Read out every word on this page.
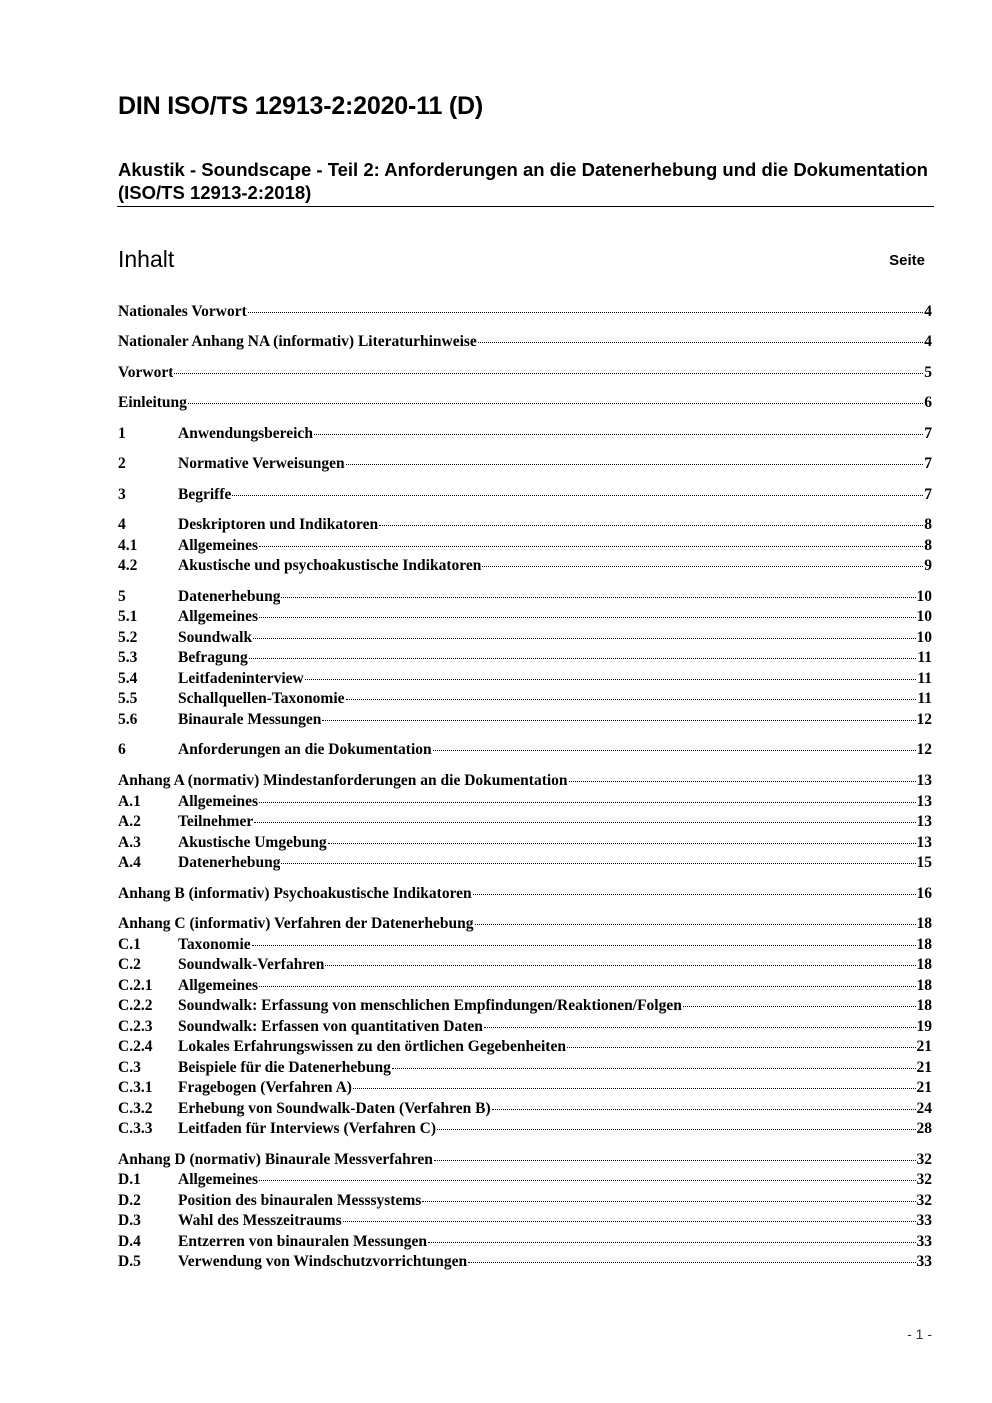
DIN ISO/TS 12913-2:2020-11 (D)
Akustik - Soundscape - Teil 2: Anforderungen an die Datenerhebung und die Dokumentation (ISO/TS 12913-2:2018)
Inhalt	Seite
Nationales Vorwort	4
Nationaler Anhang NA (informativ) Literaturhinweise	4
Vorwort	5
Einleitung	6
1	Anwendungsbereich	7
2	Normative Verweisungen	7
3	Begriffe	7
4	Deskriptoren und Indikatoren	8
4.1	Allgemeines	8
4.2	Akustische und psychoakustische Indikatoren	9
5	Datenerhebung	10
5.1	Allgemeines	10
5.2	Soundwalk	10
5.3	Befragung	11
5.4	Leitfadeninterview	11
5.5	Schallquellen-Taxonomie	11
5.6	Binaurale Messungen	12
6	Anforderungen an die Dokumentation	12
Anhang A (normativ) Mindestanforderungen an die Dokumentation	13
A.1	Allgemeines	13
A.2	Teilnehmer	13
A.3	Akustische Umgebung	13
A.4	Datenerhebung	15
Anhang B (informativ) Psychoakustische Indikatoren	16
Anhang C (informativ) Verfahren der Datenerhebung	18
C.1	Taxonomie	18
C.2	Soundwalk-Verfahren	18
C.2.1	Allgemeines	18
C.2.2	Soundwalk: Erfassung von menschlichen Empfindungen/Reaktionen/Folgen	18
C.2.3	Soundwalk: Erfassen von quantitativen Daten	19
C.2.4	Lokales Erfahrungswissen zu den örtlichen Gegebenheiten	21
C.3	Beispiele für die Datenerhebung	21
C.3.1	Fragebogen (Verfahren A)	21
C.3.2	Erhebung von Soundwalk-Daten (Verfahren B)	24
C.3.3	Leitfaden für Interviews (Verfahren C)	28
Anhang D (normativ) Binaurale Messverfahren	32
D.1	Allgemeines	32
D.2	Position des binauralen Messsystems	32
D.3	Wahl des Messzeitraums	33
D.4	Entzerren von binauralen Messungen	33
D.5	Verwendung von Windschutzvorrichtungen	33
- 1 -
